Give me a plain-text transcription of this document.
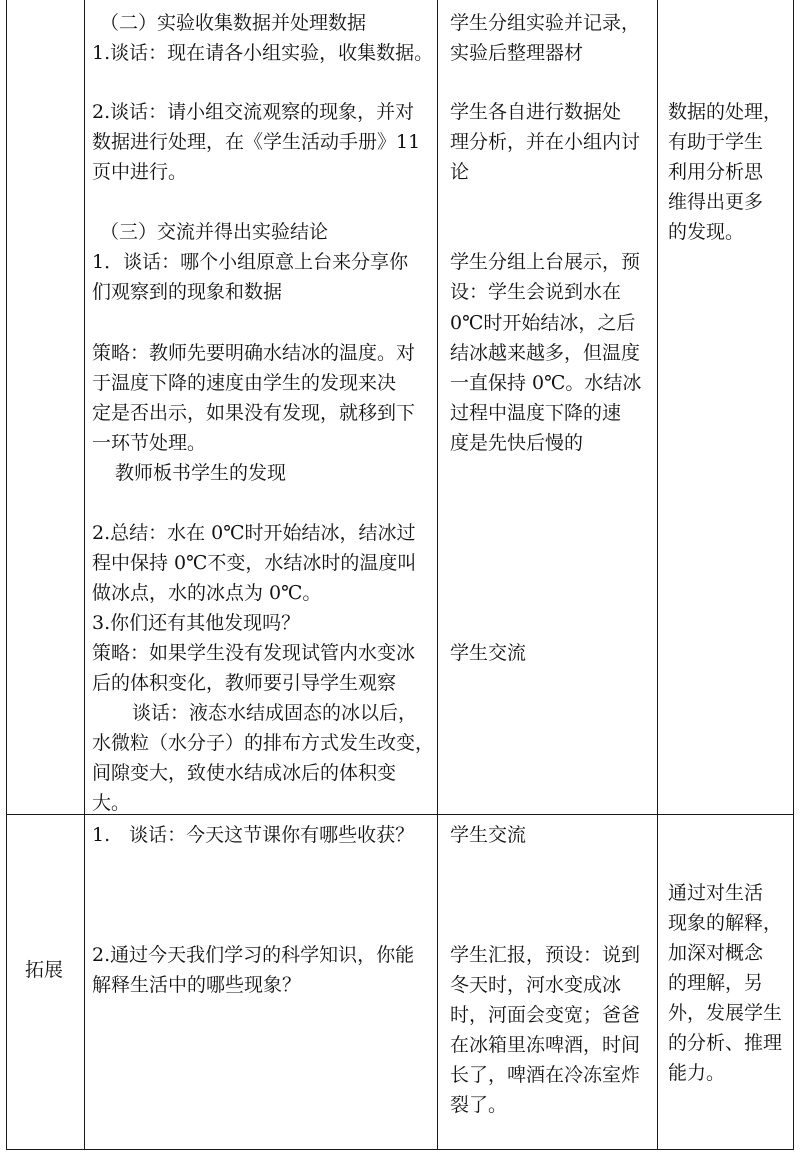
（二）实验收集数据并处理数据
1.谈话：现在请各小组实验，收集数据。
2.谈话：请小组交流观察的现象，并对
数据进行处理，在《学生活动手册》11
页中进行。
（三）交流并得出实验结论
1．谈话：哪个小组原意上台来分享你
们观察到的现象和数据
策略：教师先要明确水结冰的温度。对
于温度下降的速度由学生的发现来决
定是否出示，如果没有发现，就移到下
一环节处理。
教师板书学生的发现
2.总结：水在 0℃时开始结冰，结冰过
程中保持 0℃不变，水结冰时的温度叫
做冰点，水的冰点为 0℃。
3.你们还有其他发现吗？
策略：如果学生没有发现试管内水变冰
后的体积变化，教师要引导学生观察
谈话：液态水结成固态的冰以后，
水微粒（水分子）的排布方式发生改变，
间隙变大，致使水结成冰后的体积变
大。
学生分组实验并记录，
实验后整理器材
学生各自进行数据处
理分析，并在小组内讨
论
学生分组上台展示，预
设：学生会说到水在
0℃时开始结冰，之后
结冰越来越多，但温度
一直保持 0℃。水结冰
过程中温度下降的速
度是先快后慢的
学生交流
数据的处理，
有助于学生
利用分析思
维得出更多
的发现。
拓展
1.　谈话：今天这节课你有哪些收获？
2.通过今天我们学习的科学知识，你能
解释生活中的哪些现象？
学生交流
学生汇报，预设：说到
冬天时，河水变成冰
时，河面会变宽；爸爸
在冰箱里冻啤酒，时间
长了，啤酒在冷冻室炸
裂了。
通过对生活
现象的解释，
加深对概念
的理解，另
外，发展学生
的分析、推理
能力。
